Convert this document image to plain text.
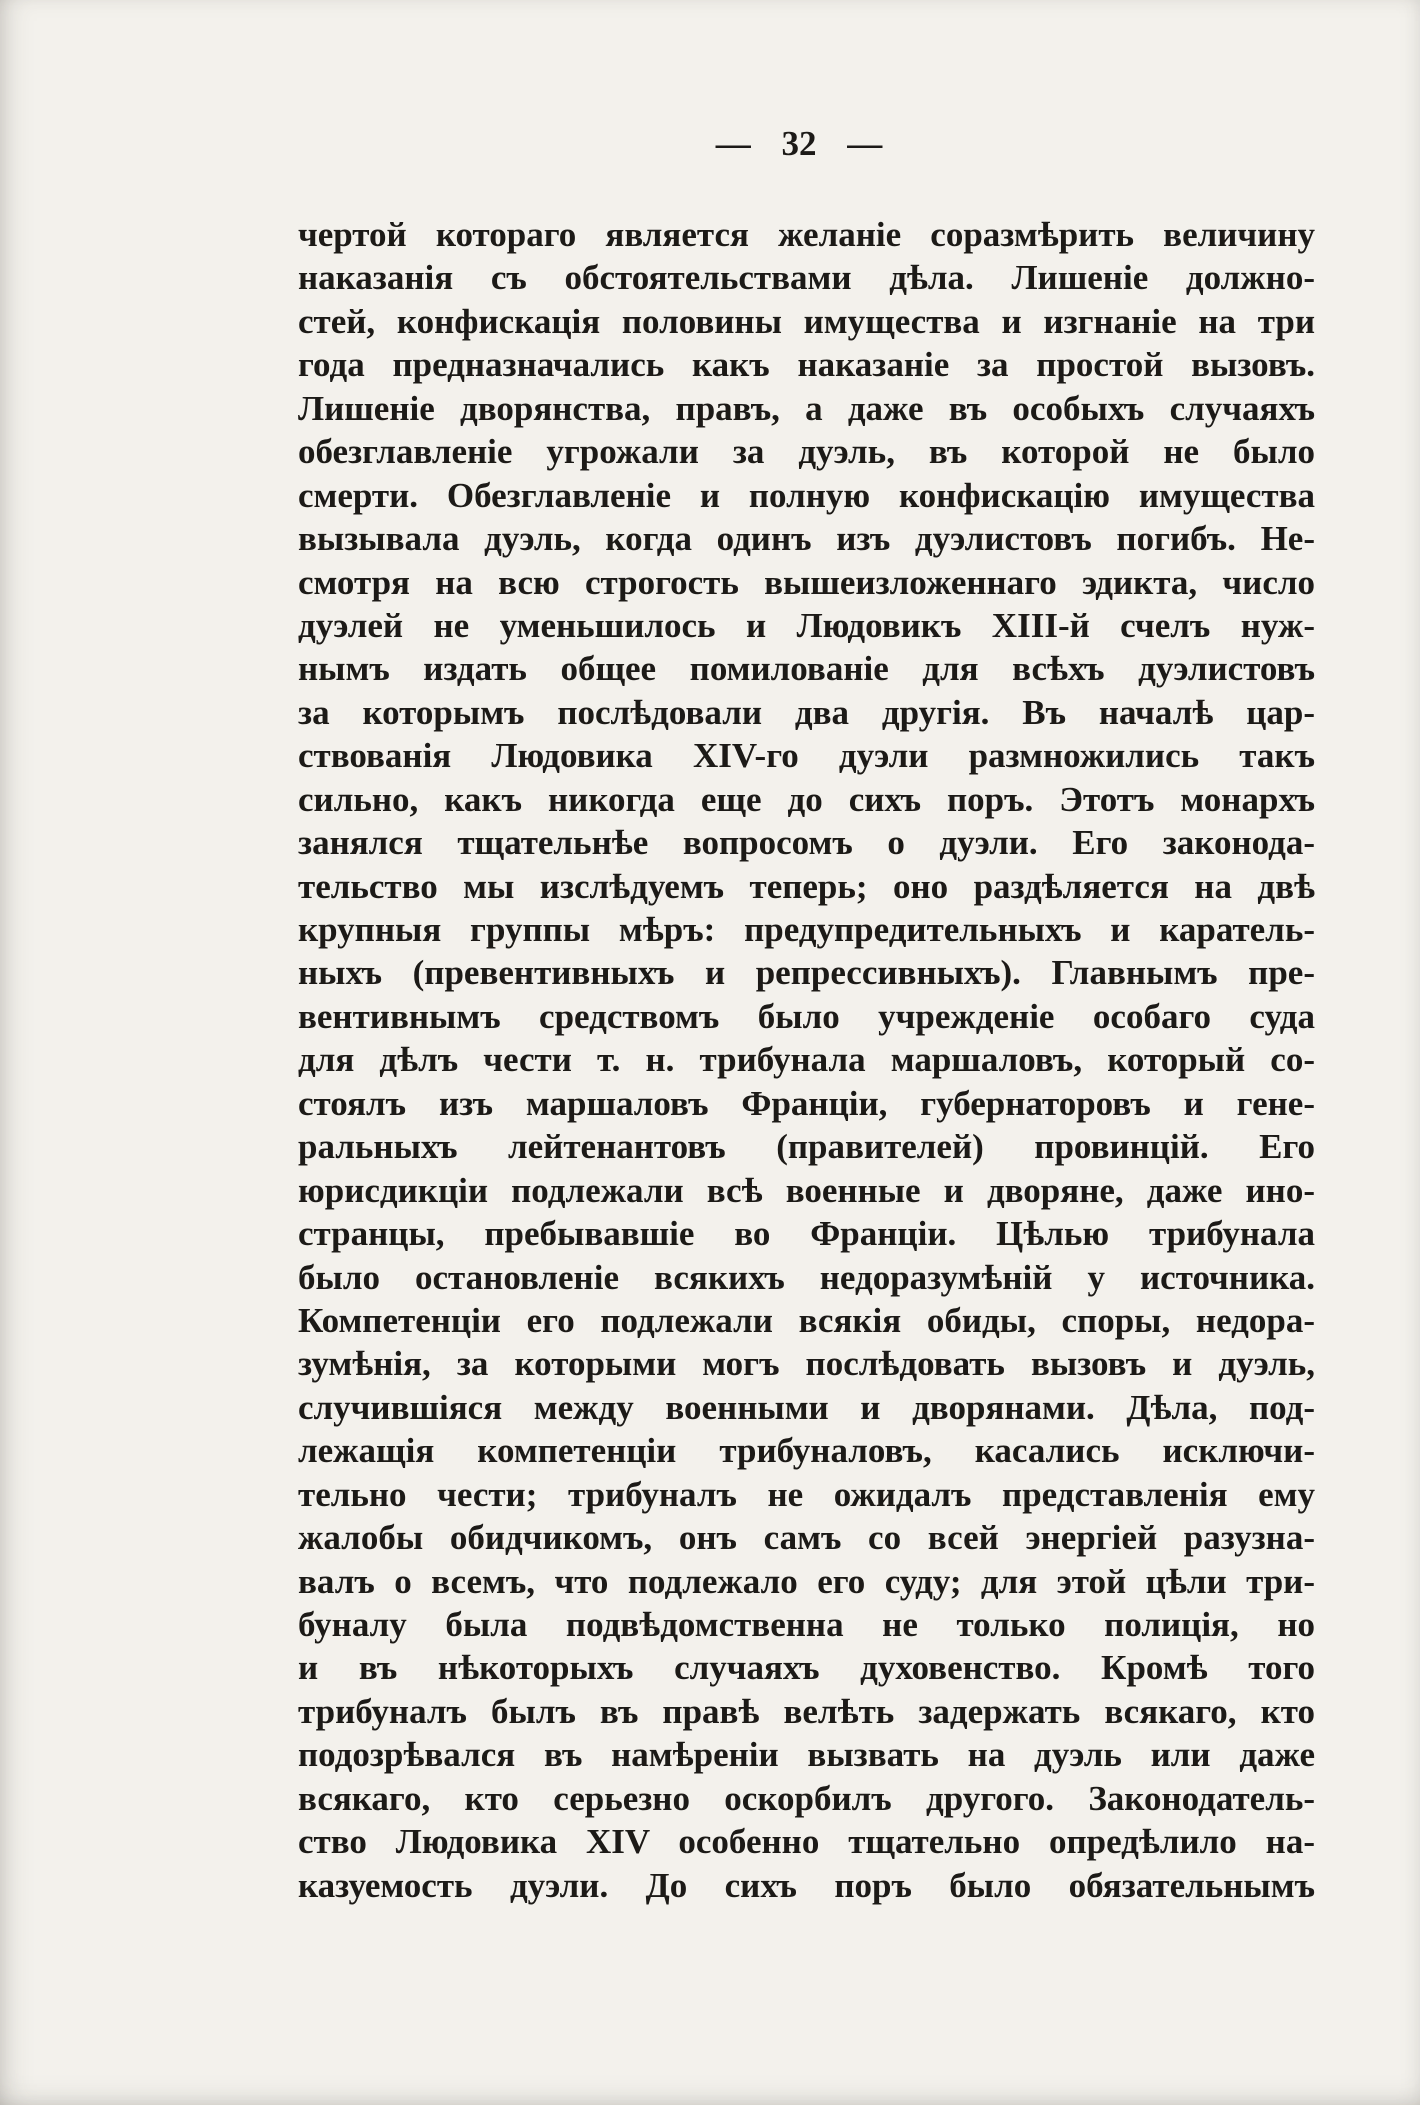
— 32 —
чертой котораго является желаніе соразмѣрить величину
наказанія съ обстоятельствами дѣла. Лишеніе должно-
стей, конфискація половины имущества и изгнаніе на три
года предназначались какъ наказаніе за простой вызовъ.
Лишеніе дворянства, правъ, а даже въ особыхъ случаяхъ
обезглавленіе угрожали за дуэль, въ которой не было
смерти. Обезглавленіе и полную конфискацію имущества
вызывала дуэль, когда одинъ изъ дуэлистовъ погибъ. Не-
смотря на всю строгость вышеизложеннаго эдикта, число
дуэлей не уменьшилось и Людовикъ XIII-й счелъ нуж-
нымъ издать общее помилованіе для всѣхъ дуэлистовъ
за которымъ послѣдовали два другія. Въ началѣ цар-
ствованія Людовика XIV-го дуэли размножились такъ
сильно, какъ никогда еще до сихъ поръ. Этотъ монархъ
занялся тщательнѣе вопросомъ о дуэли. Его законода-
тельство мы изслѣдуемъ теперь; оно раздѣляется на двѣ
крупныя группы мѣръ: предупредительныхъ и каратель-
ныхъ (превентивныхъ и репрессивныхъ). Главнымъ пре-
вентивнымъ средствомъ было учрежденіе особаго суда
для дѣлъ чести т. н. трибунала маршаловъ, который со-
стоялъ изъ маршаловъ Франціи, губернаторовъ и гене-
ральныхъ лейтенантовъ (правителей) провинцій. Его
юрисдикціи подлежали всѣ военные и дворяне, даже ино-
странцы, пребывавшіе во Франціи. Цѣлью трибунала
было остановленіе всякихъ недоразумѣній у источника.
Компетенціи его подлежали всякія обиды, споры, недора-
зумѣнія, за которыми могъ послѣдовать вызовъ и дуэль,
случившіяся между военными и дворянами. Дѣла, под-
лежащія компетенціи трибуналовъ, касались исключи-
тельно чести; трибуналъ не ожидалъ представленія ему
жалобы обидчикомъ, онъ самъ со всей энергіей разузна-
валъ о всемъ, что подлежало его суду; для этой цѣли три-
буналу была подвѣдомственна не только полиція, но
и въ нѣкоторыхъ случаяхъ духовенство. Кромѣ того
трибуналъ былъ въ правѣ велѣть задержать всякаго, кто
подозрѣвался въ намѣреніи вызвать на дуэль или даже
всякаго, кто серьезно оскорбилъ другого. Законодатель-
ство Людовика XIV особенно тщательно опредѣлило на-
казуемость дуэли. До сихъ поръ было обязательнымъ
